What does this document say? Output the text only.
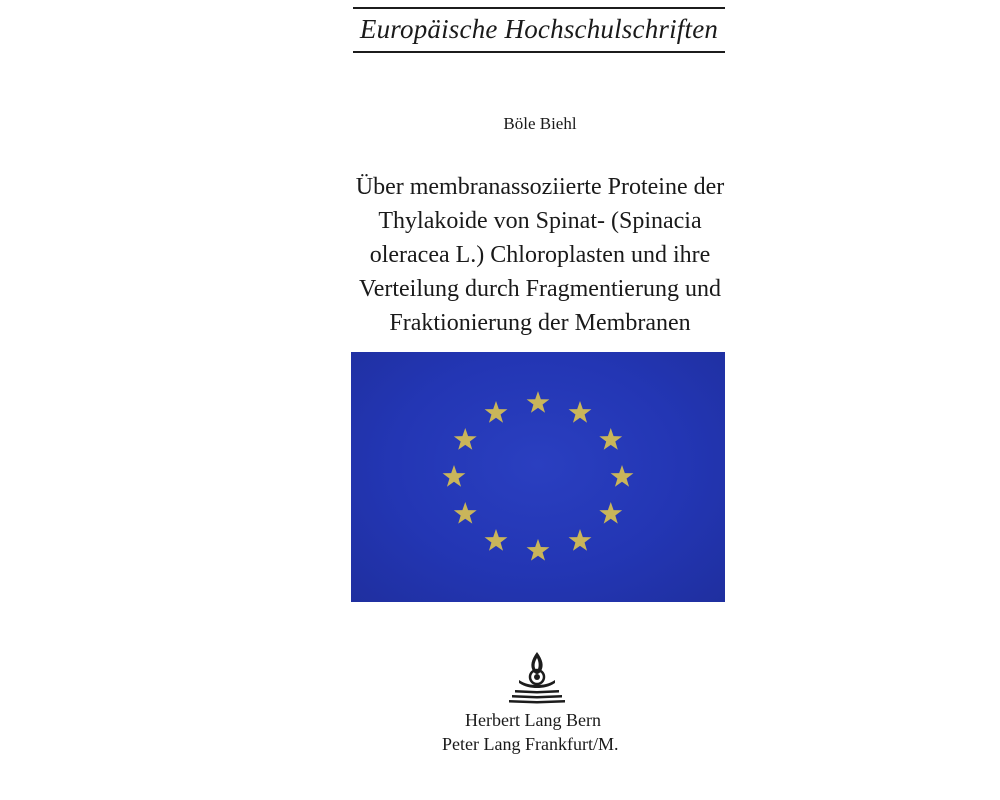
Europäische Hochschulschriften
Böle Biehl
Über membranassoziierte Proteine der
Thylakoide von Spinat- (Spinacia
oleracea L.) Chloroplasten und ihre
Verteilung durch Fragmentierung und
Fraktionierung der Membranen
Herbert Lang Bern
Peter Lang Frankfurt/M.
